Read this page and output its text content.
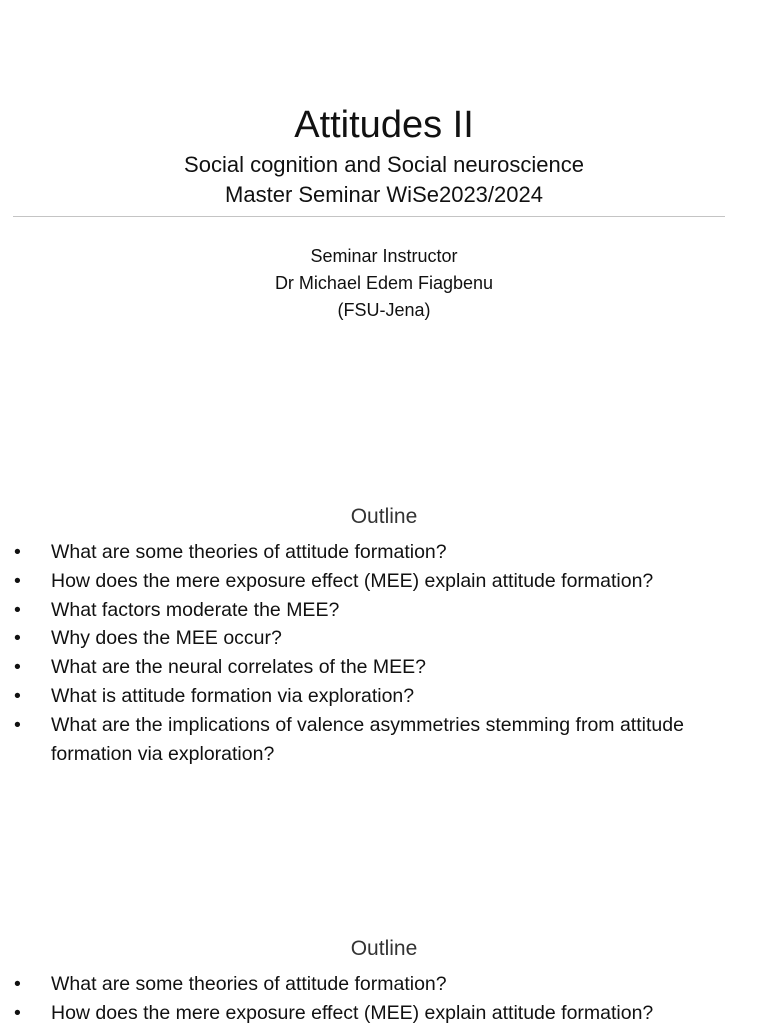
Attitudes II
Social cognition and Social neuroscience
Master Seminar WiSe2023/2024
Seminar Instructor
Dr Michael Edem Fiagbenu
(FSU-Jena)
Outline
• What are some theories of attitude formation?
• How does the mere exposure effect (MEE) explain attitude formation?
• What factors moderate the MEE?
• Why does the MEE occur?
• What are the neural correlates of the MEE?
• What is attitude formation via exploration?
• What are the implications of valence asymmetries stemming from attitude formation via exploration?
Outline
• What are some theories of attitude formation?
• How does the mere exposure effect (MEE) explain attitude formation?
